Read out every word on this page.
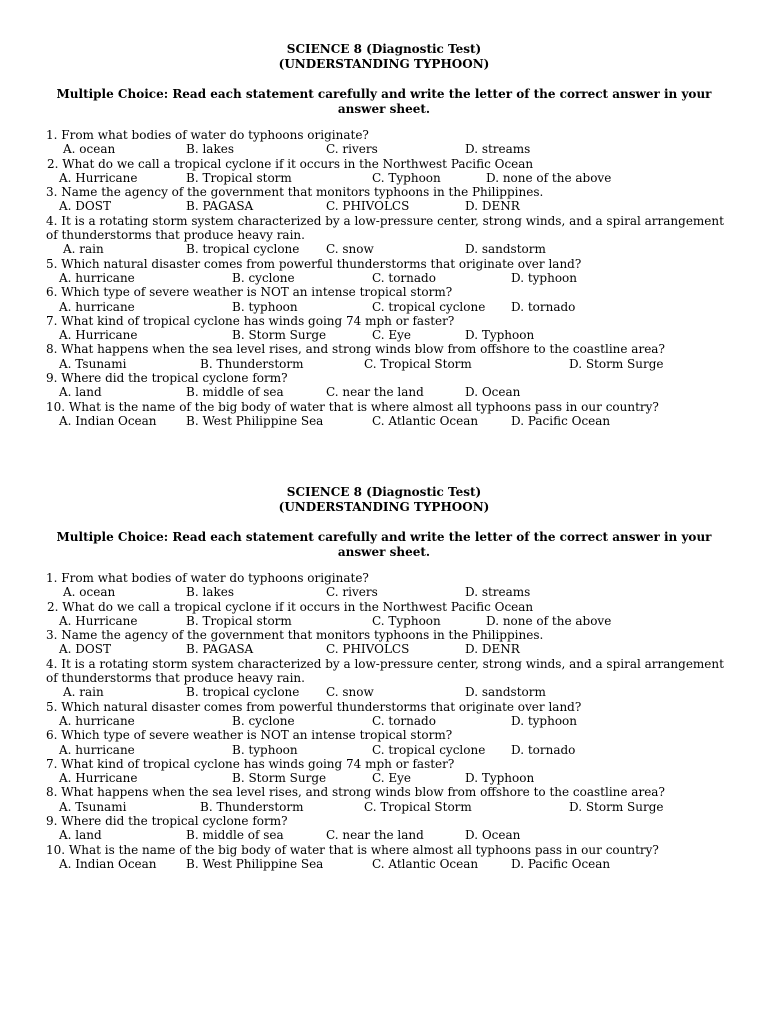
SCIENCE 8 (Diagnostic Test)
(UNDERSTANDING TYPHOON)
Multiple Choice: Read each statement carefully and write the letter of the correct answer in your answer sheet.
1. From what bodies of water do typhoons originate?
A. ocean	B. lakes	C. rivers	D. streams
2. What do we call a tropical cyclone if it occurs in the Northwest Pacific Ocean
A. Hurricane	B. Tropical storm	C. Typhoon	D. none of the above
3. Name the agency of the government that monitors typhoons in the Philippines.
A. DOST	B. PAGASA	C. PHIVOLCS	D. DENR
4. It is a rotating storm system characterized by a low-pressure center, strong winds, and a spiral arrangement of thunderstorms that produce heavy rain.
A. rain	B. tropical cyclone C. snow	D. sandstorm
5. Which natural disaster comes from powerful thunderstorms that originate over land?
A. hurricane	B. cyclone	C. tornado	D. typhoon
6. Which type of severe weather is NOT an intense tropical storm?
A. hurricane	B. typhoon	C. tropical cyclone D. tornado
7. What kind of tropical cyclone has winds going 74 mph or faster?
A. Hurricane	B. Storm Surge	C. Eye	D. Typhoon
8. What happens when the sea level rises, and strong winds blow from offshore to the coastline area?
A. Tsunami	B. Thunderstorm	C. Tropical Storm	D. Storm Surge
9. Where did the tropical cyclone form?
A. land	B. middle of sea	C. near the land	D. Ocean
10. What is the name of the big body of water that is where almost all typhoons pass in our country?
A. Indian Ocean B. West Philippine Sea	C. Atlantic Ocean	D. Pacific Ocean
SCIENCE 8 (Diagnostic Test)
(UNDERSTANDING TYPHOON)
Multiple Choice: Read each statement carefully and write the letter of the correct answer in your answer sheet.
1. From what bodies of water do typhoons originate?
A. ocean	B. lakes	C. rivers	D. streams
2. What do we call a tropical cyclone if it occurs in the Northwest Pacific Ocean
A. Hurricane	B. Tropical storm	C. Typhoon	D. none of the above
3. Name the agency of the government that monitors typhoons in the Philippines.
A. DOST	B. PAGASA	C. PHIVOLCS	D. DENR
4. It is a rotating storm system characterized by a low-pressure center, strong winds, and a spiral arrangement of thunderstorms that produce heavy rain.
A. rain	B. tropical cyclone C. snow	D. sandstorm
5. Which natural disaster comes from powerful thunderstorms that originate over land?
A. hurricane	B. cyclone	C. tornado	D. typhoon
6. Which type of severe weather is NOT an intense tropical storm?
A. hurricane	B. typhoon	C. tropical cyclone D. tornado
7. What kind of tropical cyclone has winds going 74 mph or faster?
A. Hurricane	B. Storm Surge	C. Eye	D. Typhoon
8. What happens when the sea level rises, and strong winds blow from offshore to the coastline area?
A. Tsunami	B. Thunderstorm	C. Tropical Storm	D. Storm Surge
9. Where did the tropical cyclone form?
A. land	B. middle of sea	C. near the land	D. Ocean
10. What is the name of the big body of water that is where almost all typhoons pass in our country?
A. Indian Ocean B. West Philippine Sea	C. Atlantic Ocean	D. Pacific Ocean
